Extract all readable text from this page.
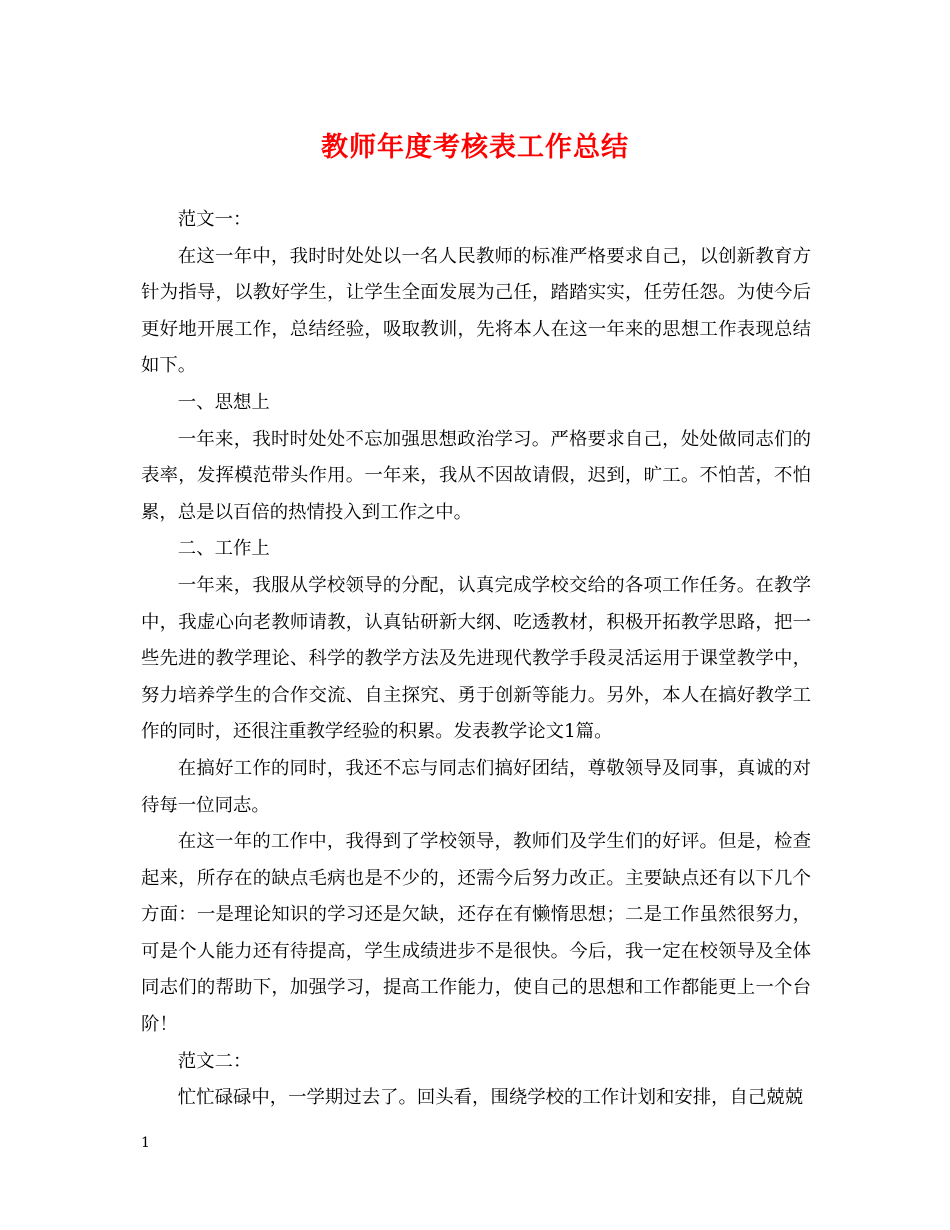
教师年度考核表工作总结

范文一：

在这一年中，我时时处处以一名人民教师的标准严格要求自己，以创新教育方针为指导，以教好学生，让学生全面发展为己任，踏踏实实，任劳任怨。为使今后更好地开展工作，总结经验，吸取教训，先将本人在这一年来的思想工作表现总结如下。

一、思想上

一年来，我时时处处不忘加强思想政治学习。严格要求自己，处处做同志们的表率，发挥模范带头作用。一年来，我从不因故请假，迟到，旷工。不怕苦，不怕累，总是以百倍的热情投入到工作之中。

二、工作上

一年来，我服从学校领导的分配，认真完成学校交给的各项工作任务。在教学中，我虚心向老教师请教，认真钻研新大纲、吃透教材，积极开拓教学思路，把一些先进的教学理论、科学的教学方法及先进现代教学手段灵活运用于课堂教学中，努力培养学生的合作交流、自主探究、勇于创新等能力。另外，本人在搞好教学工作的同时，还很注重教学经验的积累。发表教学论文1篇。

在搞好工作的同时，我还不忘与同志们搞好团结，尊敬领导及同事，真诚的对待每一位同志。

在这一年的工作中，我得到了学校领导，教师们及学生们的好评。但是，检查起来，所存在的缺点毛病也是不少的，还需今后努力改正。主要缺点还有以下几个方面：一是理论知识的学习还是欠缺，还存在有懒惰思想；二是工作虽然很努力，可是个人能力还有待提高，学生成绩进步不是很快。今后，我一定在校领导及全体同志们的帮助下，加强学习，提高工作能力，使自己的思想和工作都能更上一个台阶！

范文二：

忙忙碌碌中，一学期过去了。回头看，围绕学校的工作计划和安排，自己兢兢

1
